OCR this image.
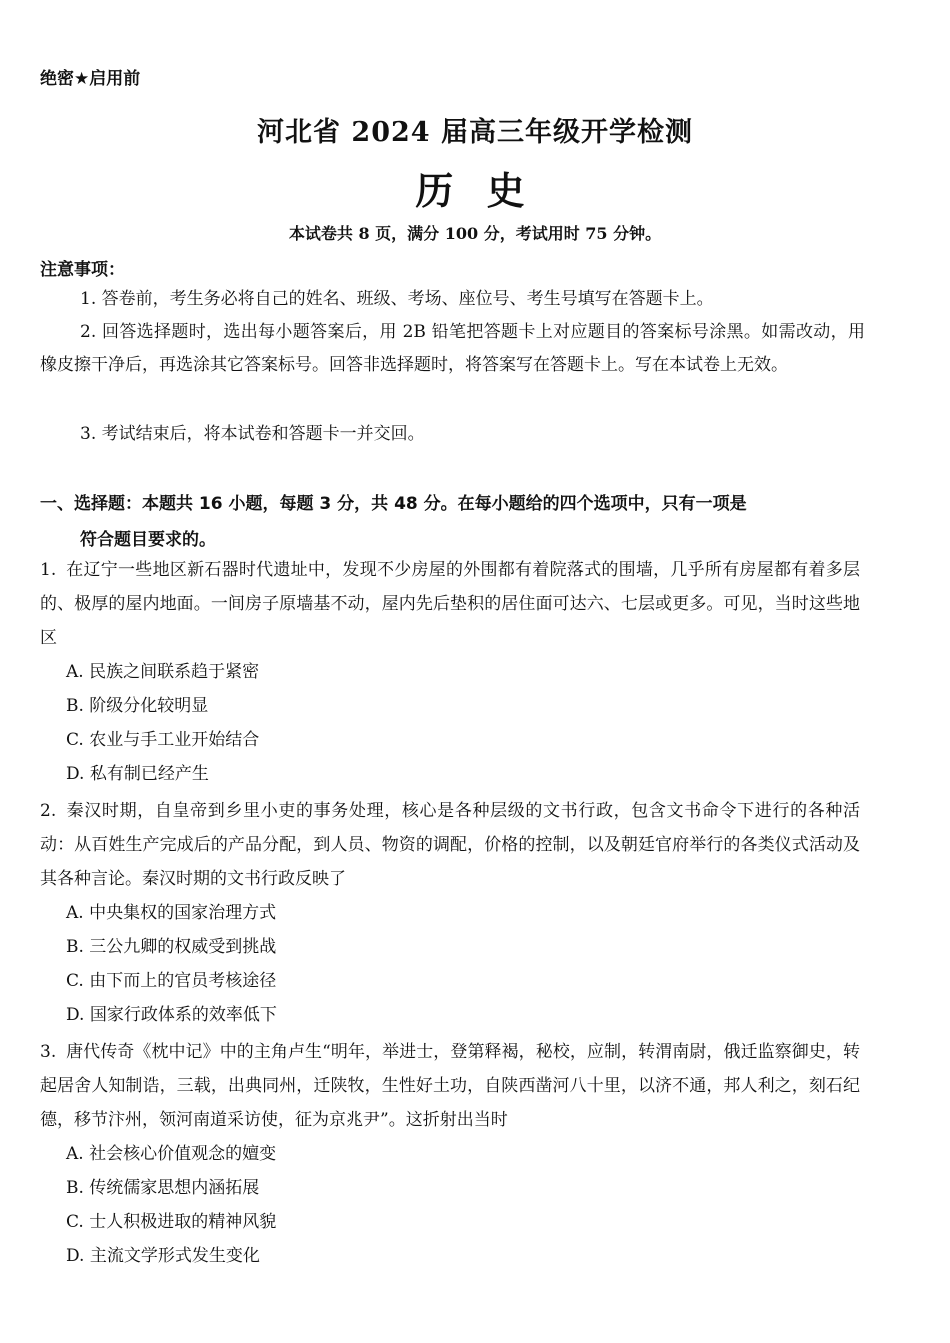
绝密★启用前
河北省 2024 届高三年级开学检测
历 史
本试卷共 8 页，满分 100 分，考试用时 75 分钟。
注意事项：
1. 答卷前，考生务必将自己的姓名、班级、考场、座位号、考生号填写在答题卡上。
2. 回答选择题时，选出每小题答案后，用 2B 铅笔把答题卡上对应题目的答案标号涂黑。如需改动，用橡皮擦干净后，再选涂其它答案标号。回答非选择题时，将答案写在答题卡上。写在本试卷上无效。
3. 考试结束后，将本试卷和答题卡一并交回。
一、选择题：本题共 16 小题，每题 3 分，共 48 分。在每小题给的四个选项中，只有一项是
符合题目要求的。
1. 在辽宁一些地区新石器时代遗址中，发现不少房屋的外围都有着院落式的围墙，几乎所有房屋都有着多层的、极厚的屋内地面。一间房子原墙基不动，屋内先后垫积的居住面可达六、七层或更多。可见，当时这些地区
A. 民族之间联系趋于紧密
B. 阶级分化较明显
C. 农业与手工业开始结合
D. 私有制已经产生
2. 秦汉时期，自皇帝到乡里小吏的事务处理，核心是各种层级的文书行政，包含文书命令下进行的各种活动：从百姓生产完成后的产品分配，到人员、物资的调配，价格的控制，以及朝廷官府举行的各类仪式活动及其各种言论。秦汉时期的文书行政反映了
A. 中央集权的国家治理方式
B. 三公九卿的权威受到挑战
C. 由下而上的官员考核途径
D. 国家行政体系的效率低下
3. 唐代传奇《枕中记》中的主角卢生“明年，举进士，登第释褐，秘校，应制，转渭南尉，俄迁监察御史，转起居舍人知制诰，三载，出典同州，迁陕牧，生性好土功，自陕西凿河八十里，以济不通，邦人利之，刻石纪德，移节汴州，领河南道采访使，征为京兆尹”。这折射出当时
A. 社会核心价值观念的嬗变
B. 传统儒家思想内涵拓展
C. 士人积极进取的精神风貌
D. 主流文学形式发生变化
